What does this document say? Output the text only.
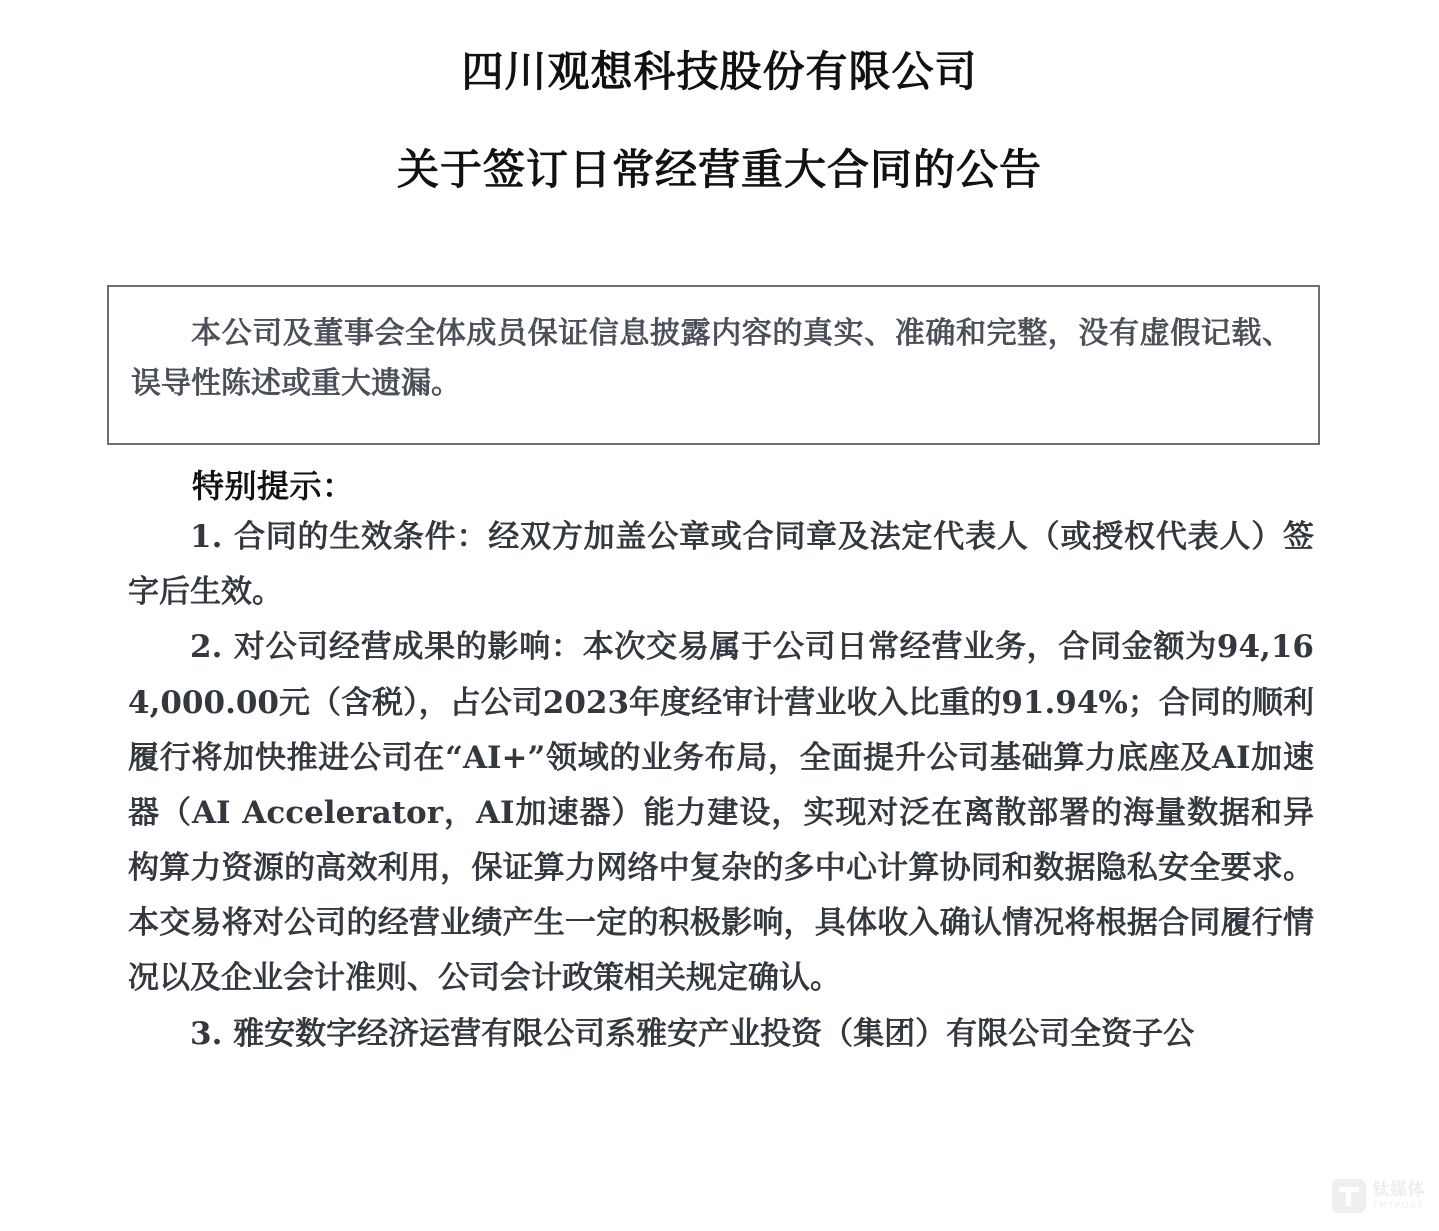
四川观想科技股份有限公司
关于签订日常经营重大合同的公告

本公司及董事会全体成员保证信息披露内容的真实、准确和完整，没有虚假记载、误导性陈述或重大遗漏。

特别提示：

1. 合同的生效条件：经双方加盖公章或合同章及法定代表人（或授权代表人）签字后生效。

2. 对公司经营成果的影响：本次交易属于公司日常经营业务，合同金额为94,164,000.00元（含税），占公司2023年度经审计营业收入比重的91.94%；合同的顺利履行将加快推进公司在“AI+”领域的业务布局，全面提升公司基础算力底座及AI加速器（AI Accelerator，AI加速器）能力建设，实现对泛在离散部署的海量数据和异构算力资源的高效利用，保证算力网络中复杂的多中心计算协同和数据隐私安全要求。本交易将对公司的经营业绩产生一定的积极影响，具体收入确认情况将根据合同履行情况以及企业会计准则、公司会计政策相关规定确认。

3. 雅安数字经济运营有限公司系雅安产业投资（集团）有限公司全资子公

钛媒体
TMTPOST
